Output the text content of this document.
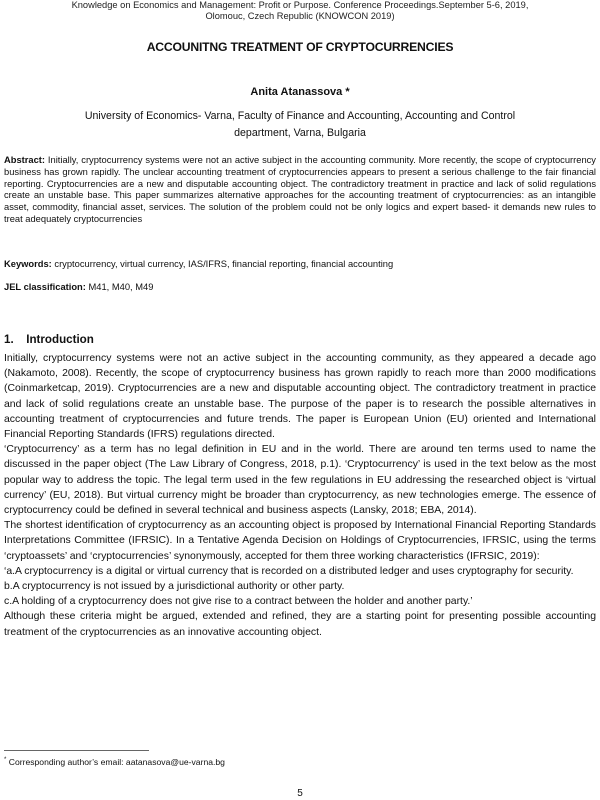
Knowledge on Economics and Management: Profit or Purpose. Conference Proceedings.September 5-6, 2019,
Olomouc, Czech Republic (KNOWCON 2019)
ACCOUNITNG TREATMENT OF CRYPTOCURRENCIES
Anita Atanassova *
University of Economics- Varna, Faculty of Finance and Accounting, Accounting and Control
department, Varna, Bulgaria
Abstract: Initially, cryptocurrency systems were not an active subject in the accounting community. More recently, the scope of cryptocurrency business has grown rapidly. The unclear accounting treatment of cryptocurrencies appears to present a serious challenge to the fair financial reporting. Cryptocurrencies are a new and disputable accounting object. The contradictory treatment in practice and lack of solid regulations create an unstable base. This paper summarizes alternative approaches for the accounting treatment of cryptocurrencies: as an intangible asset, commodity, financial asset, services. The solution of the problem could not be only logics and expert based- it demands new rules to treat adequately cryptocurrencies
Keywords: cryptocurrency, virtual currency, IAS/IFRS, financial reporting, financial accounting
JEL classification: M41, M40, M49
1. Introduction

Initially, cryptocurrency systems were not an active subject in the accounting community, as they appeared a decade ago (Nakamoto, 2008). Recently, the scope of cryptocurrency business has grown rapidly to reach more than 2000 modifications (Coinmarketcap, 2019). Cryptocurrencies are a new and disputable accounting object. The contradictory treatment in practice and lack of solid regulations create an unstable base. The purpose of the paper is to research the possible alternatives in accounting treatment of cryptocurrencies and future trends. The paper is European Union (EU) oriented and International Financial Reporting Standards (IFRS) regulations directed.

‘Cryptocurrency’ as a term has no legal definition in EU and in the world. There are around ten terms used to name the discussed in the paper object (The Law Library of Congress, 2018, p.1). ‘Cryptocurrency’ is used in the text below as the most popular way to address the topic. The legal term used in the few regulations in EU addressing the researched object is ‘virtual currency’ (EU, 2018). But virtual currency might be broader than cryptocurrency, as new technologies emerge. The essence of cryptocurrency could be defined in several technical and business aspects (Lansky, 2018; EBA, 2014).

The shortest identification of cryptocurrency as an accounting object is proposed by International Financial Reporting Standards Interpretations Committee (IFRSIC). In a Tentative Agenda Decision on Holdings of Cryptocurrencies, IFRSIC, using the terms ‘cryptoassets’ and ‘cryptocurrencies’ synonymously, accepted for them three working characteristics (IFRSIC, 2019):

‘a.A cryptocurrency is a digital or virtual currency that is recorded on a distributed ledger and uses cryptography for security.

b.A cryptocurrency is not issued by a jurisdictional authority or other party.

c.A holding of a cryptocurrency does not give rise to a contract between the holder and another party.’

Although these criteria might be argued, extended and refined, they are a starting point for presenting possible accounting treatment of the cryptocurrencies as an innovative accounting object.

* Corresponding author’s email: aatanasova@ue-varna.bg
5
